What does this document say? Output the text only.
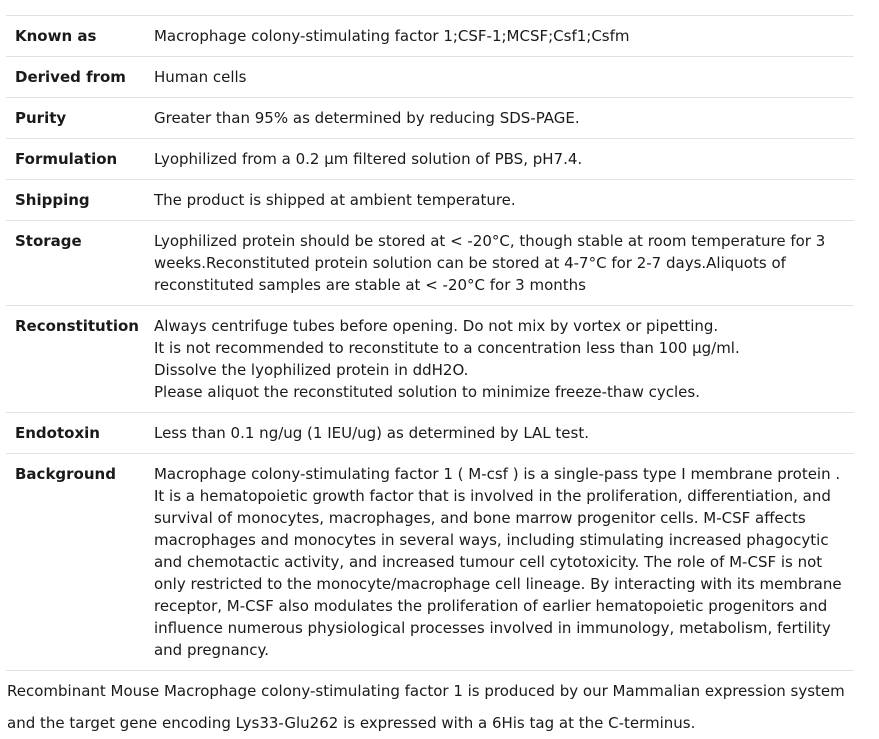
Known as	Macrophage colony-stimulating factor 1;CSF-1;MCSF;Csf1;Csfm

Derived from	Human cells

Purity	Greater than 95% as determined by reducing SDS-PAGE.

Formulation	Lyophilized from a 0.2 μm filtered solution of PBS, pH7.4.

Shipping	The product is shipped at ambient temperature.

Storage	Lyophilized protein should be stored at < -20°C, though stable at room temperature for 3 weeks.Reconstituted protein solution can be stored at 4-7°C for 2-7 days.Aliquots of reconstituted samples are stable at < -20°C for 3 months

Reconstitution	Always centrifuge tubes before opening. Do not mix by vortex or pipetting.
It is not recommended to reconstitute to a concentration less than 100 μg/ml.
Dissolve the lyophilized protein in ddH2O.
Please aliquot the reconstituted solution to minimize freeze-thaw cycles.

Endotoxin	Less than 0.1 ng/ug (1 IEU/ug) as determined by LAL test.

Background	Macrophage colony-stimulating factor 1 ( M-csf ) is a single-pass type I membrane protein . It is a hematopoietic growth factor that is involved in the proliferation, differentiation, and survival of monocytes, macrophages, and bone marrow progenitor cells. M-CSF affects macrophages and monocytes in several ways, including stimulating increased phagocytic and chemotactic activity, and increased tumour cell cytotoxicity. The role of M-CSF is not only restricted to the monocyte/macrophage cell lineage. By interacting with its membrane receptor, M-CSF also modulates the proliferation of earlier hematopoietic progenitors and influence numerous physiological processes involved in immunology, metabolism, fertility and pregnancy.

Recombinant Mouse Macrophage colony-stimulating factor 1 is produced by our Mammalian expression system and the target gene encoding Lys33-Glu262 is expressed with a 6His tag at the C-terminus.
